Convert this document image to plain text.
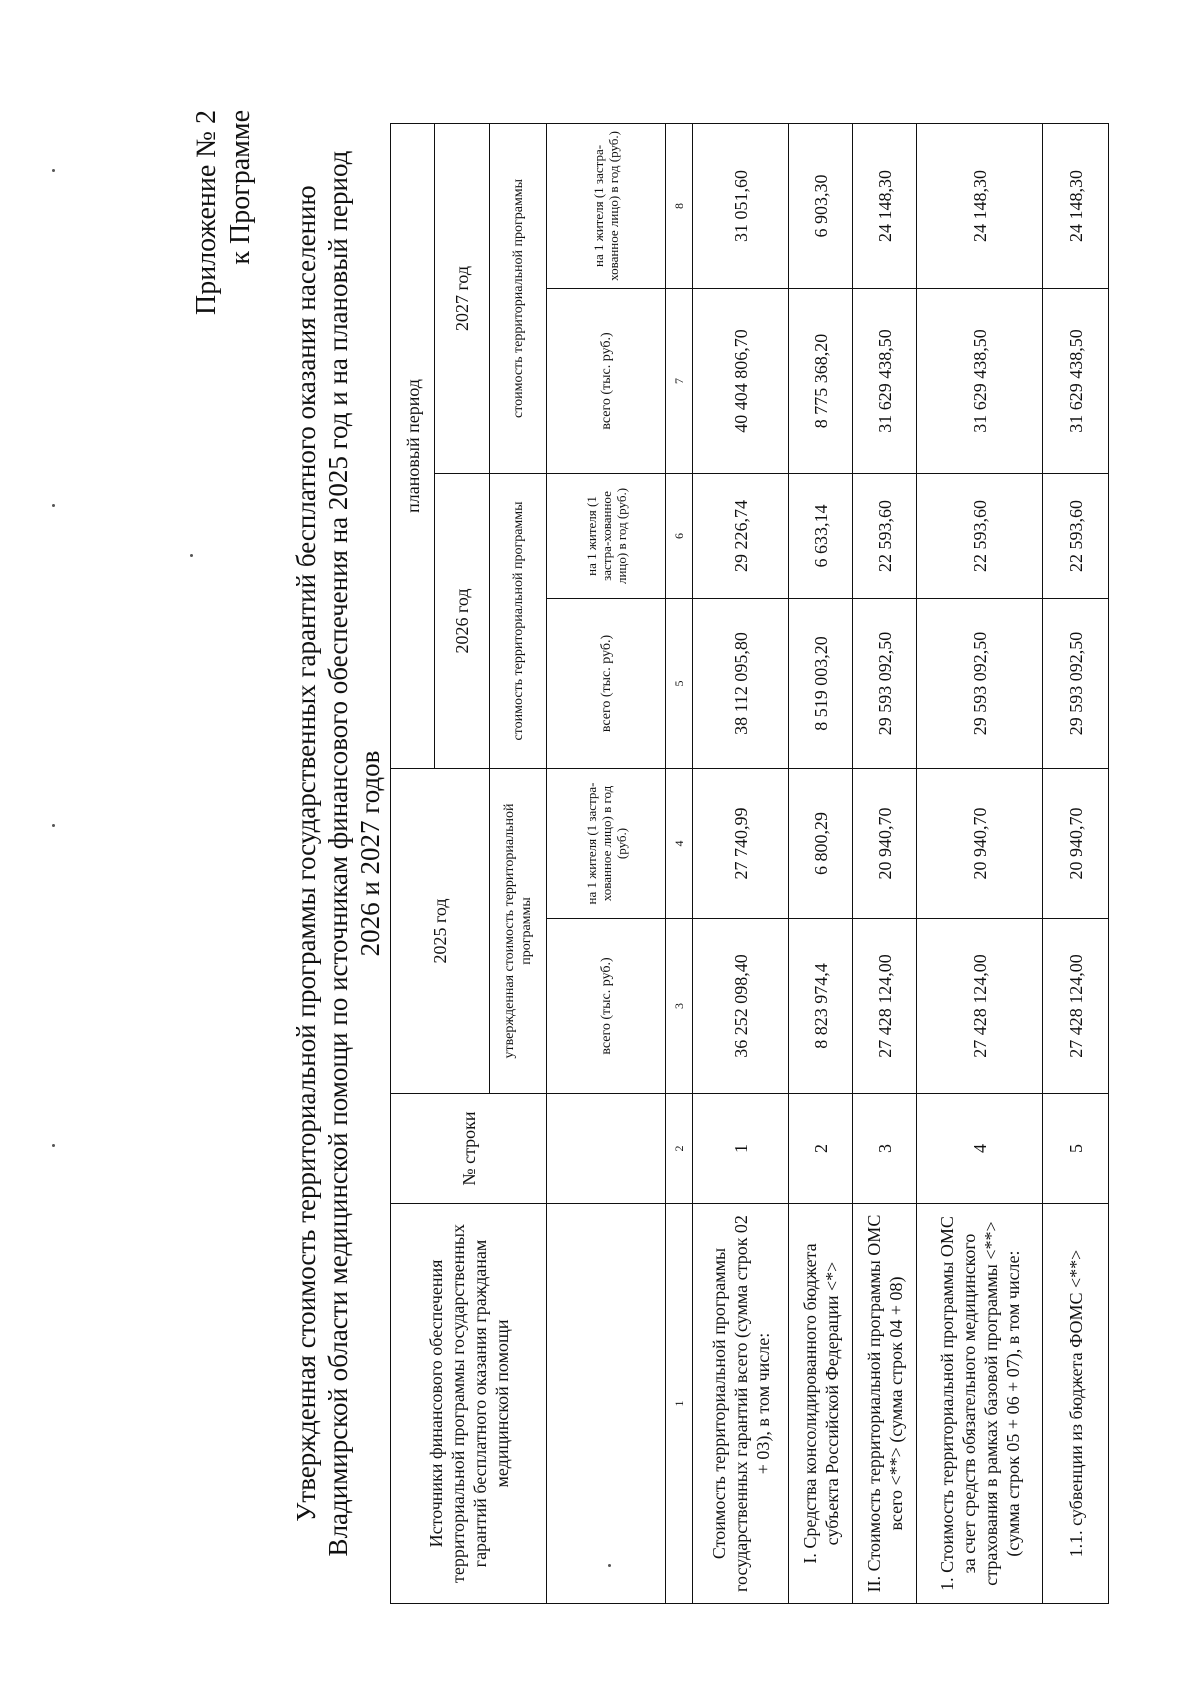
Приложение № 2 к Программе Утвержденная стоимость территориальной программы государственных гарантий бесплатного оказания населению Владимирской области медицинской помощи по источникам финансового обеспечения на 2025 год и на плановый период 2026 и 2027 годов
Источники финансового обеспечения территориальной программы государственных гарантий бесплатного оказания гражданам медицинской помощи	№ строки	2025 год		плановый период			
				2026 год		2027 год	
		утвержденная стоимость территориальной программы		стоимость территориальной программы		стоимость территориальной программы	
		всего (тыс. руб.)	на 1 жителя (1 застра-хованное лицо) в год (руб.)	всего (тыс. руб.)	на 1 жителя (1 застра-хованное лицо) в год (руб.)	всего (тыс. руб.)	на 1 жителя (1 застра-хованное лицо) в год (руб.)
1	2	3	4	5	6	7	8
Стоимость территориальной программы государственных гарантий всего (сумма строк 02 + 03), в том числе:	1	36 252 098,40	27 740,99	38 112 095,80	29 226,74	40 404 806,70	31 051,60
I. Средства консолидированного бюджета субъекта Российской Федерации <*>	2	8 823 974,4	6 800,29	8 519 003,20	6 633,14	8 775 368,20	6 903,30
II. Стоимость территориальной программы ОМС всего <**> (сумма строк 04 + 08)	3	27 428 124,00	20 940,70	29 593 092,50	22 593,60	31 629 438,50	24 148,30
1. Стоимость территориальной программы ОМС за счет средств обязательного медицинского страхования в рамках базовой программы <**> (сумма строк 05 + 06 + 07), в том числе:	4	27 428 124,00	20 940,70	29 593 092,50	22 593,60	31 629 438,50	24 148,30
1.1. субвенции из бюджета ФОМС <**>	5	27 428 124,00	20 940,70	29 593 092,50	22 593,60	31 629 438,50	24 148,30
